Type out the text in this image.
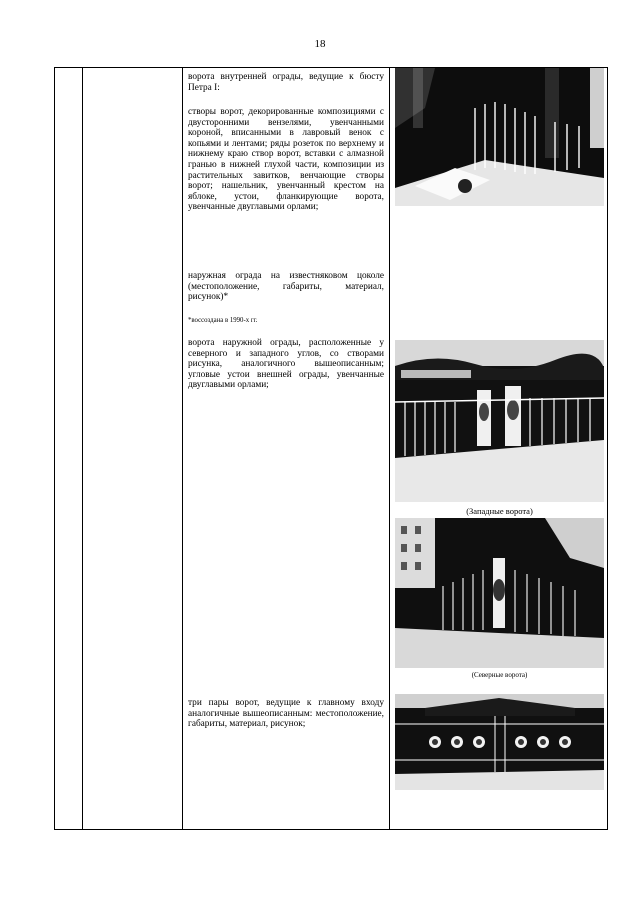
18
ворота внутренней ограды, ведущие к бюсту Петра I:
створы ворот, декорированные композициями с двусторонними вензелями, увенчанными короной, вписанными в лавровый венок с копьями и лентами; ряды розеток по верхнему и нижнему краю створ ворот, вставки с алмазной гранью в нижней глухой части, композиции из растительных завитков, венчающие створы ворот; нашельник, увенчанный крестом на яблоке, устои, фланкирующие ворота, увенчанные двуглавыми орлами;
наружная ограда на известняковом цоколе (местоположение, габариты, материал, рисунок)*
*воссоздана в 1990-х гг.
ворота наружной ограды, расположенные у северного и западного углов, со створами рисунка, аналогичного вышеописанным; угловые устои внешней ограды, увенчанные двуглавыми орлами;
три пары ворот, ведущие к главному входу аналогичные вышеописанным: местоположение, габариты, материал, рисунок;
(Западные ворота)
(Северные ворота)
